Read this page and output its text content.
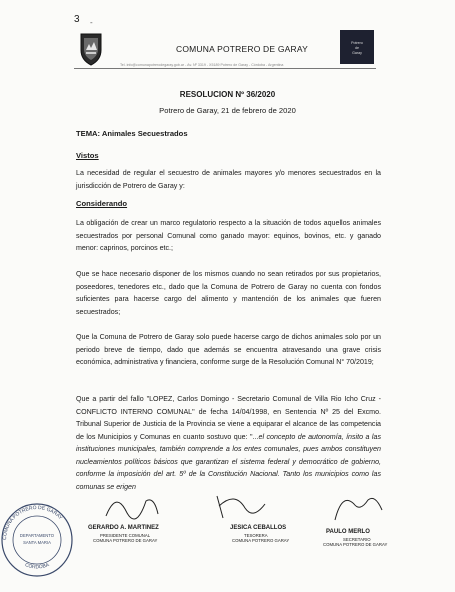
3 -
COMUNA POTRERO DE GARAY
Potrero
de
Garay
Tel. info@comunapotrerodegaray.gob.ar - Av. Nº 3319 - X5189 Potrero de Garay - Córdoba - Argentina
RESOLUCION Nº 36/2020
Potrero de Garay, 21 de febrero de 2020
TEMA: Animales Secuestrados
Vistos
La necesidad de regular el secuestro de animales mayores y/o menores secuestrados en la jurisdicción de Potrero de Garay y:
Considerando
La obligación de crear un marco regulatorio respecto a la situación de todos aquellos animales secuestrados por personal Comunal como ganado mayor: equinos, bovinos, etc. y ganado menor: caprinos, porcinos etc.;
Que se hace necesario disponer de los mismos cuando no sean retirados por sus propietarios, poseedores, tenedores etc., dado que la Comuna de Potrero de Garay no cuenta con fondos suficientes para hacerse cargo del alimento y mantención de los animales que fueren secuestrados;
Que la Comuna de Potrero de Garay solo puede hacerse cargo de dichos animales solo por un periodo breve de tiempo, dado que además se encuentra atravesando una grave crisis económica, administrativa y financiera, conforme surge de la Resolución Comunal N° 70/2019;
Que a partir del fallo "LOPEZ, Carlos Domingo - Secretario Comunal de Villa Rio Icho Cruz - CONFLICTO INTERNO COMUNAL" de fecha 14/04/1998, en Sentencia Nº 25 del Excmo. Tribunal Superior de Justicia de la Provincia se viene a equiparar el alcance de las competencia de los Municipios y Comunas en cuanto sostuvo que: "...el concepto de autonomía, ínsito a las instituciones municipales, también comprende a los entes comunales, pues ambos constituyen nucleamientos políticos básicos que garantizan el sistema federal y democrático de gobierno, conforme la imposición del art. 5º de la Constitución Nacional. Tanto los municipios como las comunas se erigen
COMUNA POTRERO DE GARAY
DEPARTAMENTO
SANTA MARIA
CORDOBA
GERARDO A. MARTINEZ
PRESIDENTE COMUNAL
COMUNA POTRERO DE GARAY
JESICA CEBALLOS
TESORERA
COMUNA POTRERO GARAY
PAULO MERLO
SECRETARIO
COMUNA POTRERO DE GARAY
